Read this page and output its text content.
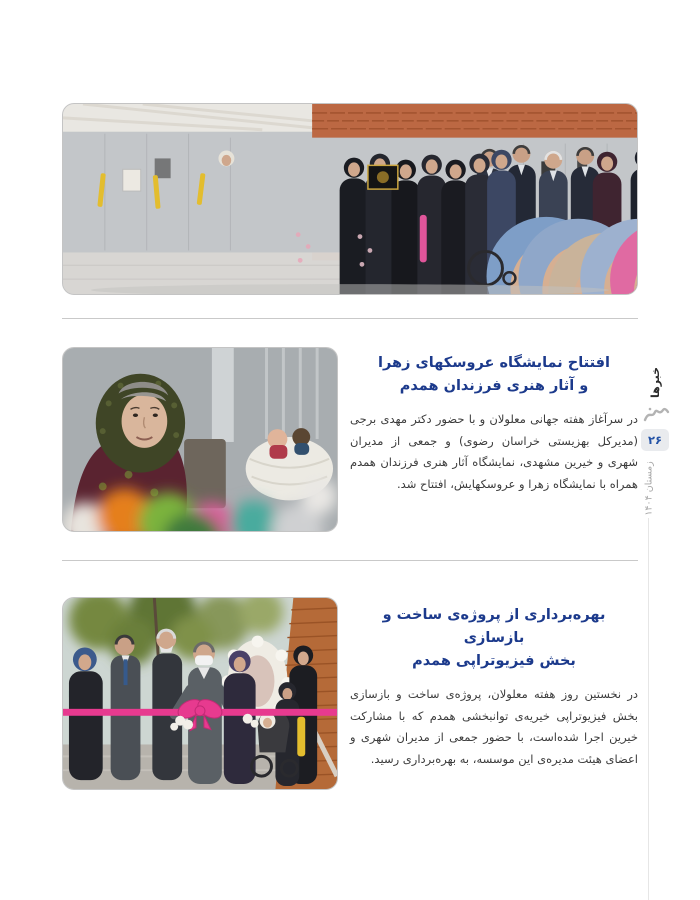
افتتاح نمایشگاه عروسکهای زهرا
و آثار هنری فرزندان همدم

در سرآغاز هفته جهانی معلولان و با حضور دکتر مهدی برجی (مدیرکل بهزیستی خراسان رضوی) و جمعی از مدیران شهری و خیرین مشهدی، نمایشگاه آثار هنری فرزندان همدم همراه با نمایشگاه زهرا و عروسکهایش، افتتاح شد.

بهره‌برداری از پروژه‌ی ساخت و بازسازی
بخش فیزیوتراپی همدم

در نخستین روز هفته معلولان، پروژه‌ی ساخت و بازسازی بخش فیزیوتراپی خیریه‌ی توانبخشی همدم که با مشارکت خیرین اجرا شده‌است، با حضور جمعی از مدیران شهری و اعضای هیئت مدیره‌ی این موسسه، به بهره‌برداری رسید.

خبرها
۲۶
زمستان ۱۴۰۴
